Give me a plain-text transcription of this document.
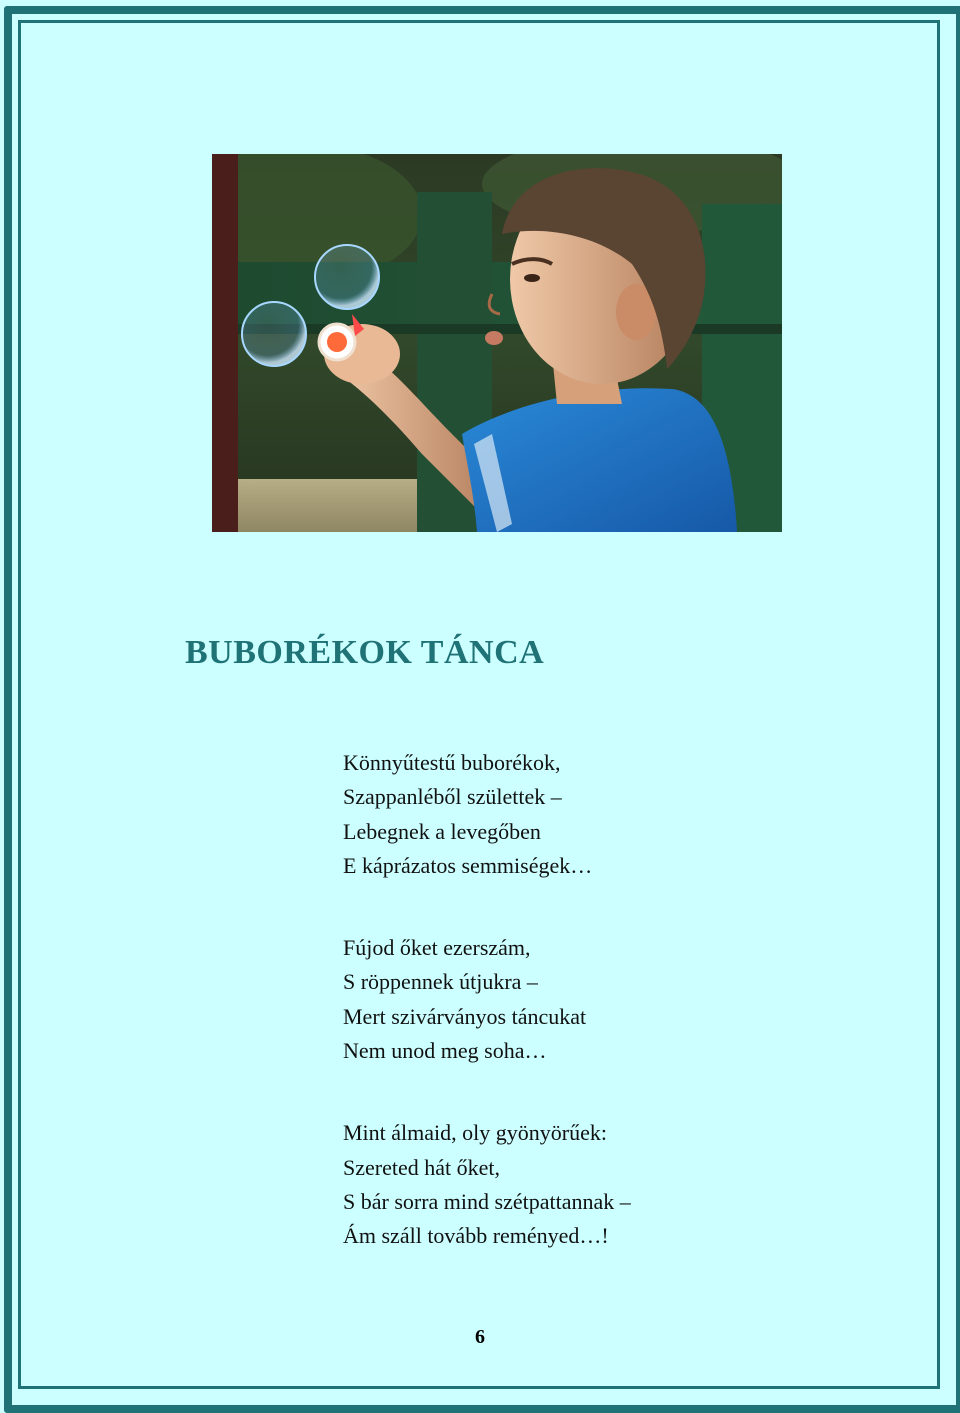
BUBORÉKOK TÁNCA
Könnyűtestű buborékok,
Szappanléből születtek –
Lebegnek a levegőben
E káprázatos semmiségek…
Fújod őket ezerszám,
S röppennek útjukra –
Mert szivárványos táncukat
Nem unod meg soha…
Mint álmaid, oly gyönyörűek:
Szereted hát őket,
S bár sorra mind szétpattannak –
Ám száll tovább reményed…!
6
